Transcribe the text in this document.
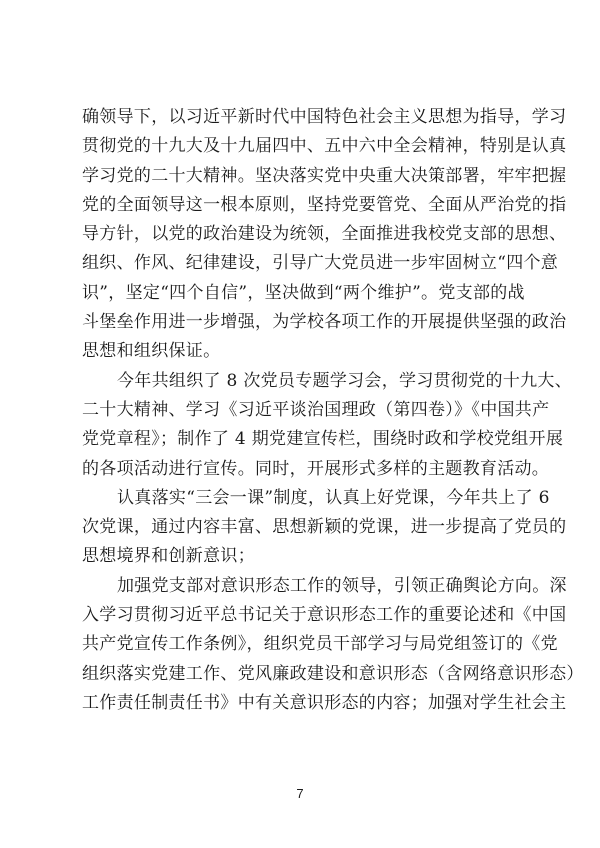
确领导下，以习近平新时代中国特色社会主义思想为指导，学习
贯彻党的十九大及十九届四中、五中六中全会精神，特别是认真
学习党的二十大精神。坚决落实党中央重大决策部署，牢牢把握
党的全面领导这一根本原则，坚持党要管党、全面从严治党的指
导方针，以党的政治建设为统领，全面推进我校党支部的思想、
组织、作风、纪律建设，引导广大党员进一步牢固树立“四个意
识”，坚定“四个自信”，坚决做到“两个维护”。党支部的战
斗堡垒作用进一步增强，为学校各项工作的开展提供坚强的政治
思想和组织保证。

今年共组织了 8 次党员专题学习会，学习贯彻党的十九大、
二十大精神、学习《习近平谈治国理政（第四卷）》《中国共产
党党章程》；制作了 4 期党建宣传栏，围绕时政和学校党组开展
的各项活动进行宣传。同时，开展形式多样的主题教育活动。

认真落实“三会一课”制度，认真上好党课，今年共上了 6
次党课，通过内容丰富、思想新颖的党课，进一步提高了党员的
思想境界和创新意识；

加强党支部对意识形态工作的领导，引领正确舆论方向。深
入学习贯彻习近平总书记关于意识形态工作的重要论述和《中国
共产党宣传工作条例》，组织党员干部学习与局党组签订的《党
组织落实党建工作、党风廉政建设和意识形态（含网络意识形态）
工作责任制责任书》中有关意识形态的内容；加强对学生社会主

7
